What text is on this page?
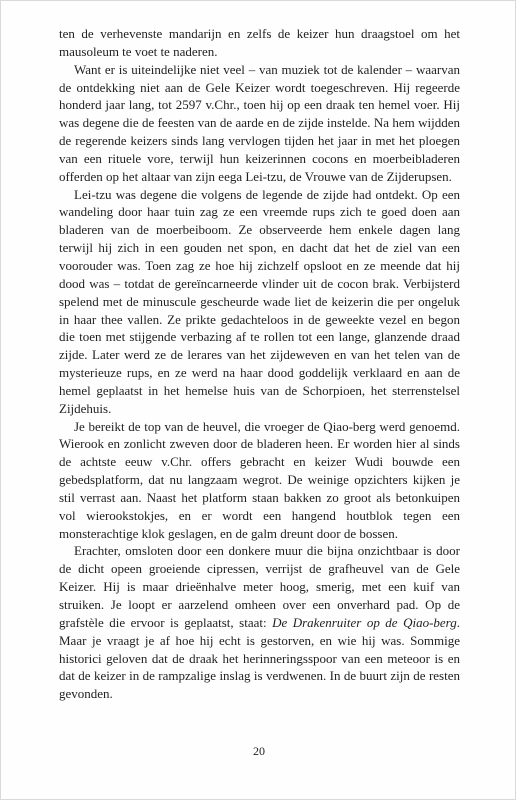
ten de verhevenste mandarijn en zelfs de keizer hun draagstoel om het mausoleum te voet te naderen.

Want er is uiteindelijke niet veel – van muziek tot de kalender – waarvan de ontdekking niet aan de Gele Keizer wordt toegeschreven. Hij regeerde honderd jaar lang, tot 2597 v.Chr., toen hij op een draak ten hemel voer. Hij was degene die de feesten van de aarde en de zijde instelde. Na hem wijdden de regerende keizers sinds lang vervlogen tijden het jaar in met het ploegen van een rituele vore, terwijl hun keizerinnen cocons en moerbeibladeren offerden op het altaar van zijn eega Lei-tzu, de Vrouwe van de Zijderupsen.

Lei-tzu was degene die volgens de legende de zijde had ontdekt. Op een wandeling door haar tuin zag ze een vreemde rups zich te goed doen aan bladeren van de moerbeiboom. Ze observeerde hem enkele dagen lang terwijl hij zich in een gouden net spon, en dacht dat het de ziel van een voorouder was. Toen zag ze hoe hij zichzelf opsloot en ze meende dat hij dood was – totdat de gereïncarneerde vlinder uit de cocon brak. Verbijsterd spelend met de minuscule gescheurde wade liet de keizerin die per ongeluk in haar thee vallen. Ze prikte gedachteloos in de geweekte vezel en begon die toen met stijgende verbazing af te rollen tot een lange, glanzende draad zijde. Later werd ze de lerares van het zijdeweven en van het telen van de mysterieuze rups, en ze werd na haar dood goddelijk verklaard en aan de hemel geplaatst in het hemelse huis van de Schorpioen, het sterrenstelsel Zijdehuis.

Je bereikt de top van de heuvel, die vroeger de Qiao-berg werd genoemd. Wierook en zonlicht zweven door de bladeren heen. Er worden hier al sinds de achtste eeuw v.Chr. offers gebracht en keizer Wudi bouwde een gebedsplatform, dat nu langzaam wegrot. De weinige opzichters kijken je stil verrast aan. Naast het platform staan bakken zo groot als betonkuipen vol wierookstokjes, en er wordt een hangend houtblok tegen een monsterachtige klok geslagen, en de galm dreunt door de bossen.

Erachter, omsloten door een donkere muur die bijna onzichtbaar is door de dicht opeen groeiende cipressen, verrijst de grafheuvel van de Gele Keizer. Hij is maar drieënhalve meter hoog, smerig, met een kuif van struiken. Je loopt er aarzelend omheen over een onverhard pad. Op de grafstèle die ervoor is geplaatst, staat: De Drakenruiter op de Qiao-berg. Maar je vraagt je af hoe hij echt is gestorven, en wie hij was. Sommige historici geloven dat de draak het herinneringsspoor van een meteoor is en dat de keizer in de rampzalige inslag is verdwenen. In de buurt zijn de resten gevonden.

20
